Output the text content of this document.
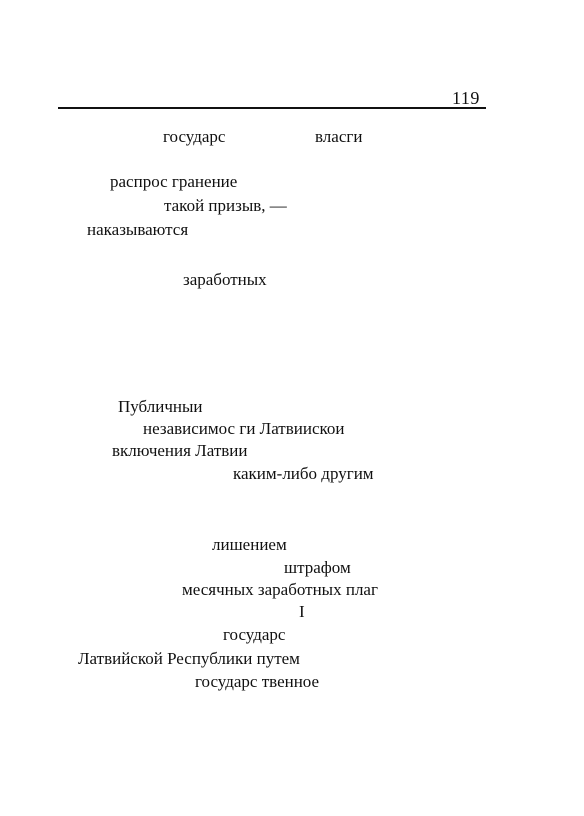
119
государс	власги
распрос гранение
такой призыв, —
наказываются
заработных
Публичныи
независимос ги Латвиискои
включения Латвии
каким-либо другим
лишением
штрафом
месячных заработных плаг
I
государс
Латвийской Республики путем
государс твенное
